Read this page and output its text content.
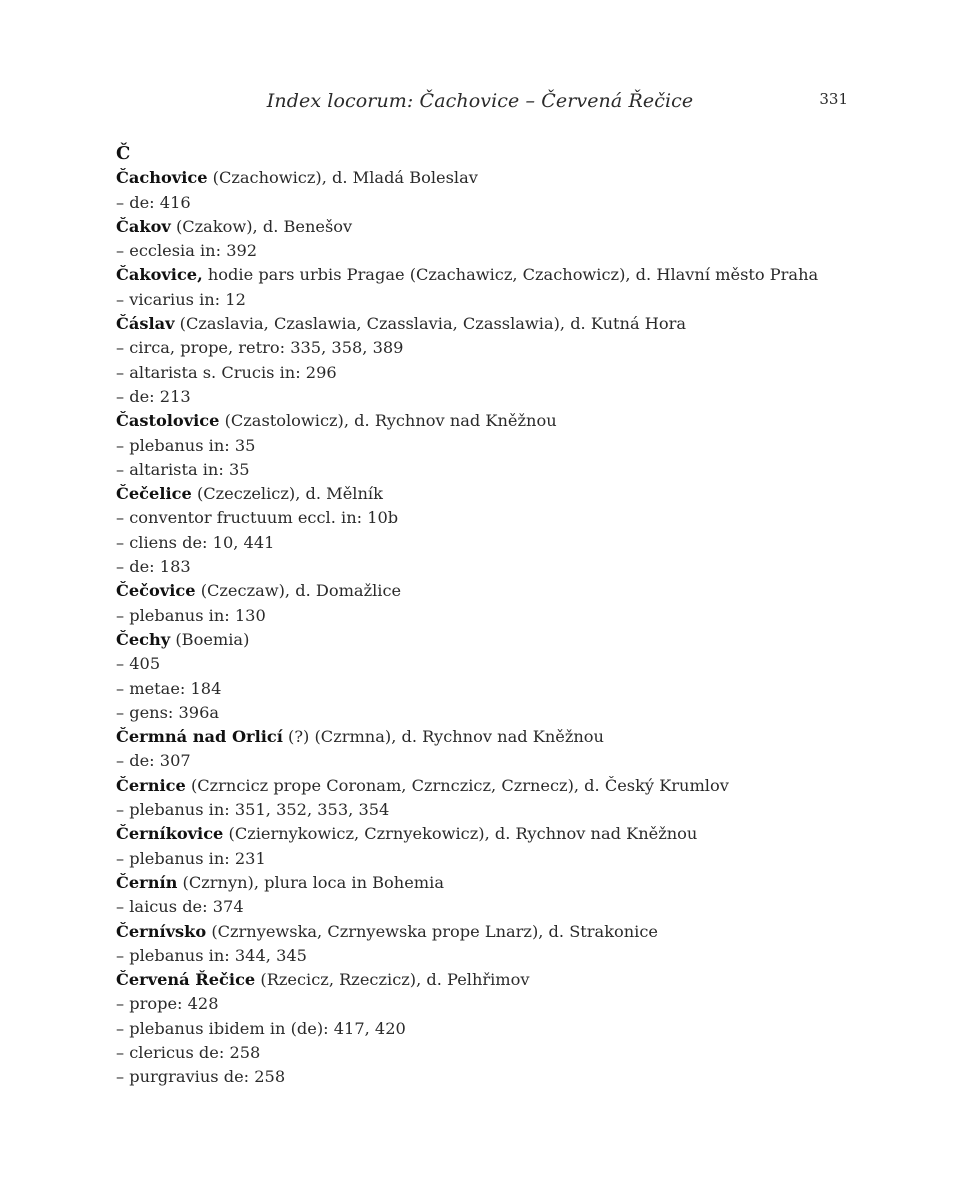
Index locorum: Čachovice – Červená Řečice	331
Č
Čachovice (Czachowicz), d. Mladá Boleslav
– de: 416
Čakov (Czakow), d. Benešov
– ecclesia in: 392
Čakovice, hodie pars urbis Pragae (Czachawicz, Czachowicz), d. Hlavní město Praha
– vicarius in: 12
Čáslav (Czaslavia, Czaslawia, Czasslavia, Czasslawia), d. Kutná Hora
– circa, prope, retro: 335, 358, 389
– altarista s. Crucis in: 296
– de: 213
Častolovice (Czastolowicz), d. Rychnov nad Kněžnou
– plebanus in: 35
– altarista in: 35
Čečelice (Czeczelicz), d. Mělník
– conventor fructuum eccl. in: 10b
– cliens de: 10, 441
– de: 183
Čečovice (Czeczaw), d. Domažlice
– plebanus in: 130
Čechy (Boemia)
– 405
– metae: 184
– gens: 396a
Čermná nad Orlicí (?) (Czrmna), d. Rychnov nad Kněžnou
– de: 307
Černice (Czrncicz prope Coronam, Czrnczicz, Czrnecz), d. Český Krumlov
– plebanus in: 351, 352, 353, 354
Černíkovice (Cziernykowicz, Czrnyekowicz), d. Rychnov nad Kněžnou
– plebanus in: 231
Černín (Czrnyn), plura loca in Bohemia
– laicus de: 374
Černívsko (Czrnyewska, Czrnyewska prope Lnarz), d. Strakonice
– plebanus in: 344, 345
Červená Řečice (Rzecicz, Rzeczicz), d. Pelhřimov
– prope: 428
– plebanus ibidem in (de): 417, 420
– clericus de: 258
– purgravius de: 258
